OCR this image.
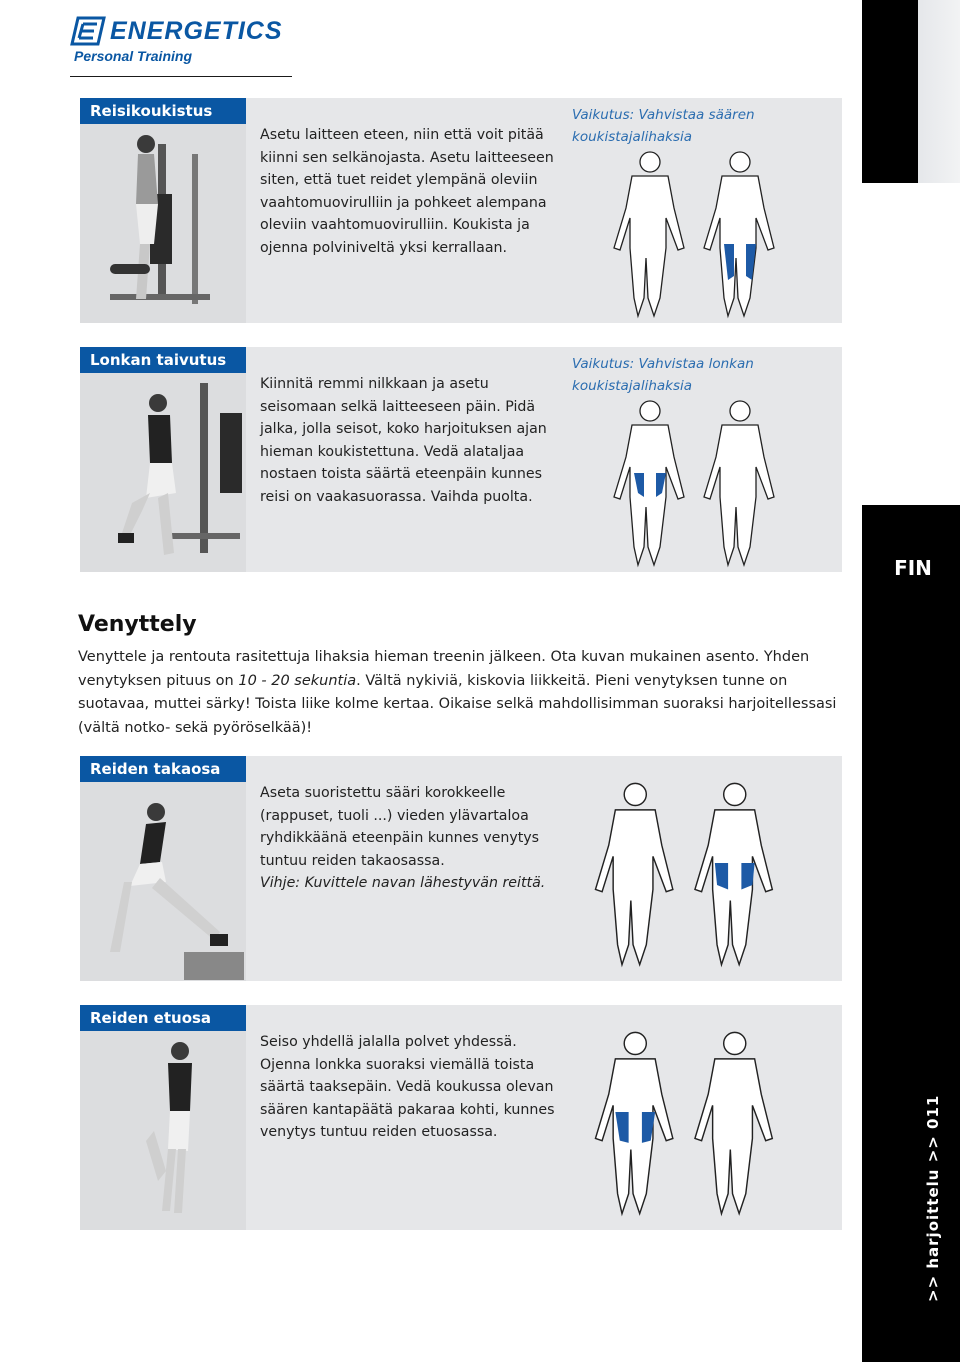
ENERGETICS
Personal Training
FIN
>> harjoittelu >> 011
Reisikoukistus
Asetu laitteen eteen, niin että voit pitää kiinni sen selkänojasta. Asetu laitteeseen siten, että tuet reidet ylempänä oleviin vaahtomuovirulliin ja pohkeet alempana oleviin vaahtomuovirulliin. Koukista ja ojenna polviniveltä yksi kerrallaan.
Vaikutus: Vahvistaa säären
koukistajalihaksia
Lonkan taivutus
Kiinnitä remmi nilkkaan ja asetu seisomaan selkä laitteeseen päin. Pidä jalka, jolla seisot, koko harjoituksen ajan hieman koukistettuna. Vedä alataljaa nostaen toista säärtä eteenpäin kunnes reisi on vaakasuorassa. Vaihda puolta.
Vaikutus: Vahvistaa lonkan
koukistajalihaksia
Venyttely
Venyttele ja rentouta rasitettuja lihaksia hieman treenin jälkeen. Ota kuvan mukainen asento. Yhden venytyksen pituus on 10 - 20 sekuntia. Vältä nykiviä, kiskovia liikkeitä. Pieni venytyksen tunne on suotavaa, muttei särky! Toista liike kolme kertaa. Oikaise selkä mahdollisimman suoraksi harjoitellessasi (vältä notko- sekä pyöröselkää)!
Reiden takaosa
Aseta suoristettu sääri korokkeelle (rappuset, tuoli ...) vieden ylävartaloa ryhdikkäänä eteenpäin kunnes venytys tuntuu reiden takaosassa.
Vihje: Kuvittele navan lähestyvän reittä.
Reiden etuosa
Seiso yhdellä jalalla polvet yhdessä. Ojenna lonkka suoraksi viemällä toista säärtä taaksepäin. Vedä koukussa olevan säären kantapäätä pakaraa kohti, kunnes venytys tuntuu reiden etuosassa.
